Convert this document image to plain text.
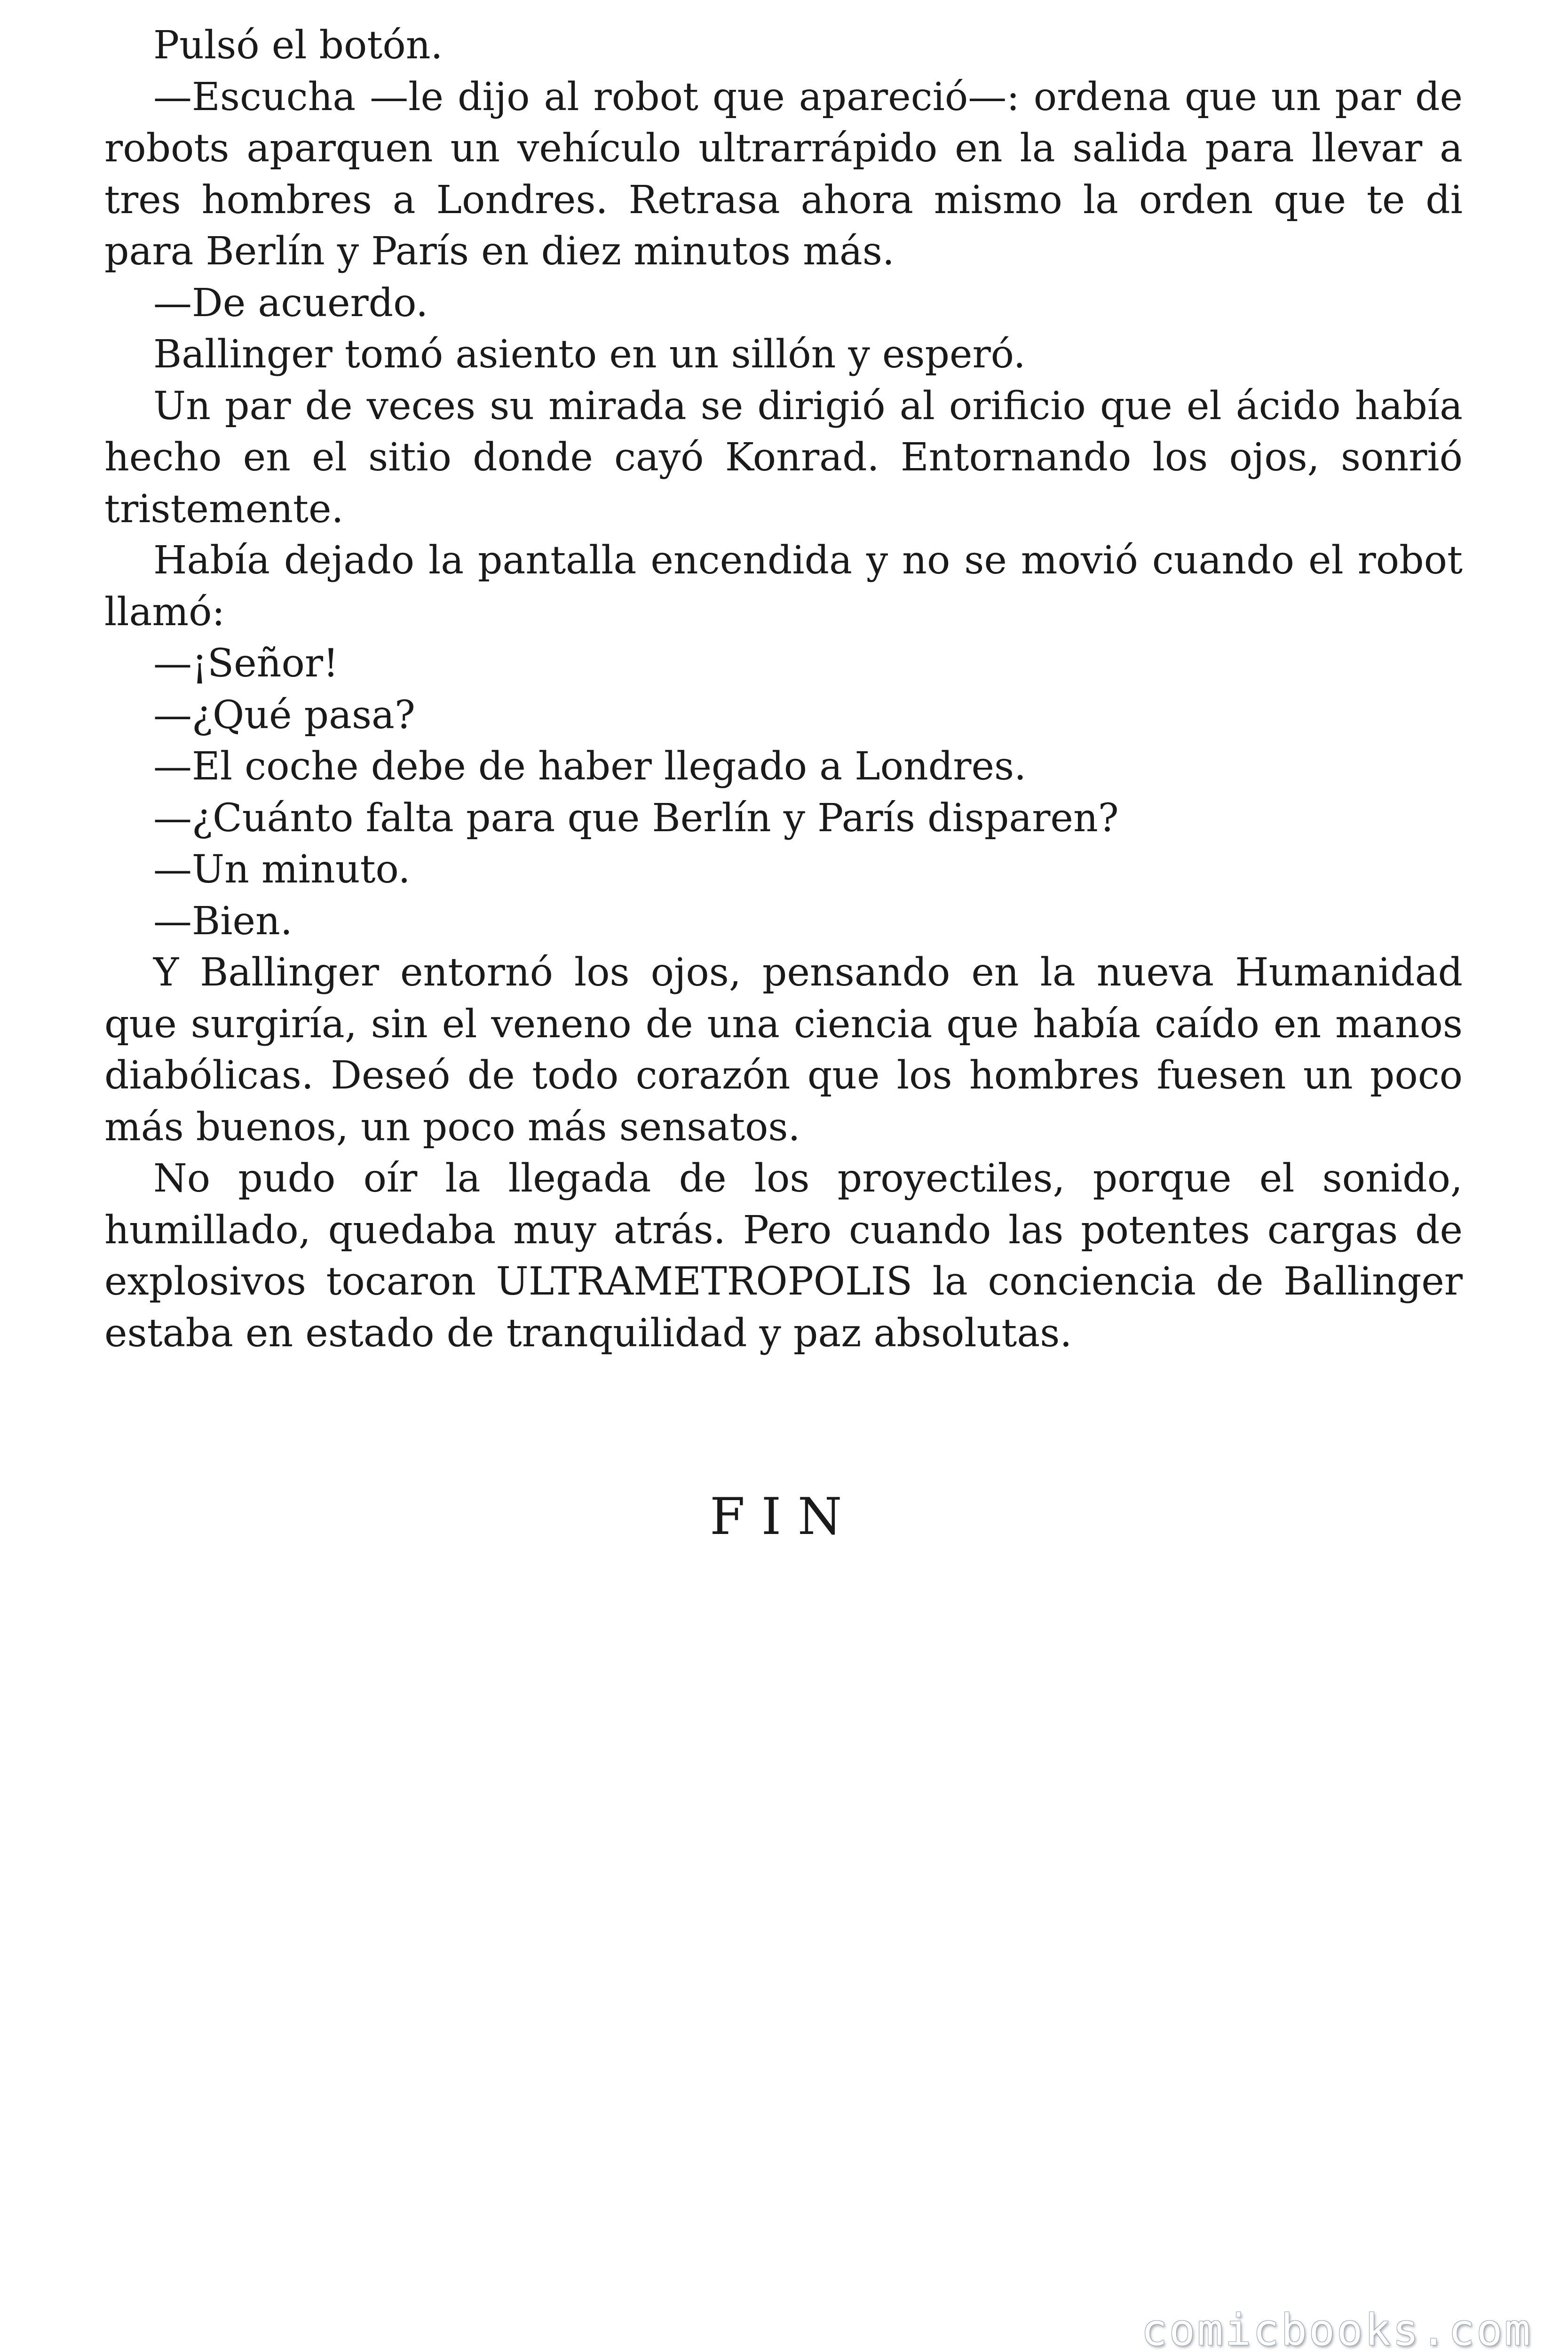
Pulsó el botón.

—Escucha —le dijo al robot que apareció—: ordena que un par de robots aparquen un vehículo ultrarrápido en la salida para llevar a tres hombres a Londres. Retrasa ahora mismo la orden que te di para Berlín y París en diez minutos más.

—De acuerdo.

Ballinger tomó asiento en un sillón y esperó.

Un par de veces su mirada se dirigió al orificio que el ácido había hecho en el sitio donde cayó Konrad. Entornando los ojos, sonrió tristemente.

Había dejado la pantalla encendida y no se movió cuando el robot llamó:

—¡Señor!

—¿Qué pasa?

—El coche debe de haber llegado a Londres.

—¿Cuánto falta para que Berlín y París disparen?

—Un minuto.

—Bien.

Y Ballinger entornó los ojos, pensando en la nueva Humanidad que surgiría, sin el veneno de una ciencia que había caído en manos diabólicas. Deseó de todo corazón que los hombres fuesen un poco más buenos, un poco más sensatos.

No pudo oír la llegada de los proyectiles, porque el sonido, humillado, quedaba muy atrás. Pero cuando las potentes cargas de explosivos tocaron ULTRAMETROPOLIS la conciencia de Ballinger estaba en estado de tranquilidad y paz absolutas.

FIN
comicbooks.com
